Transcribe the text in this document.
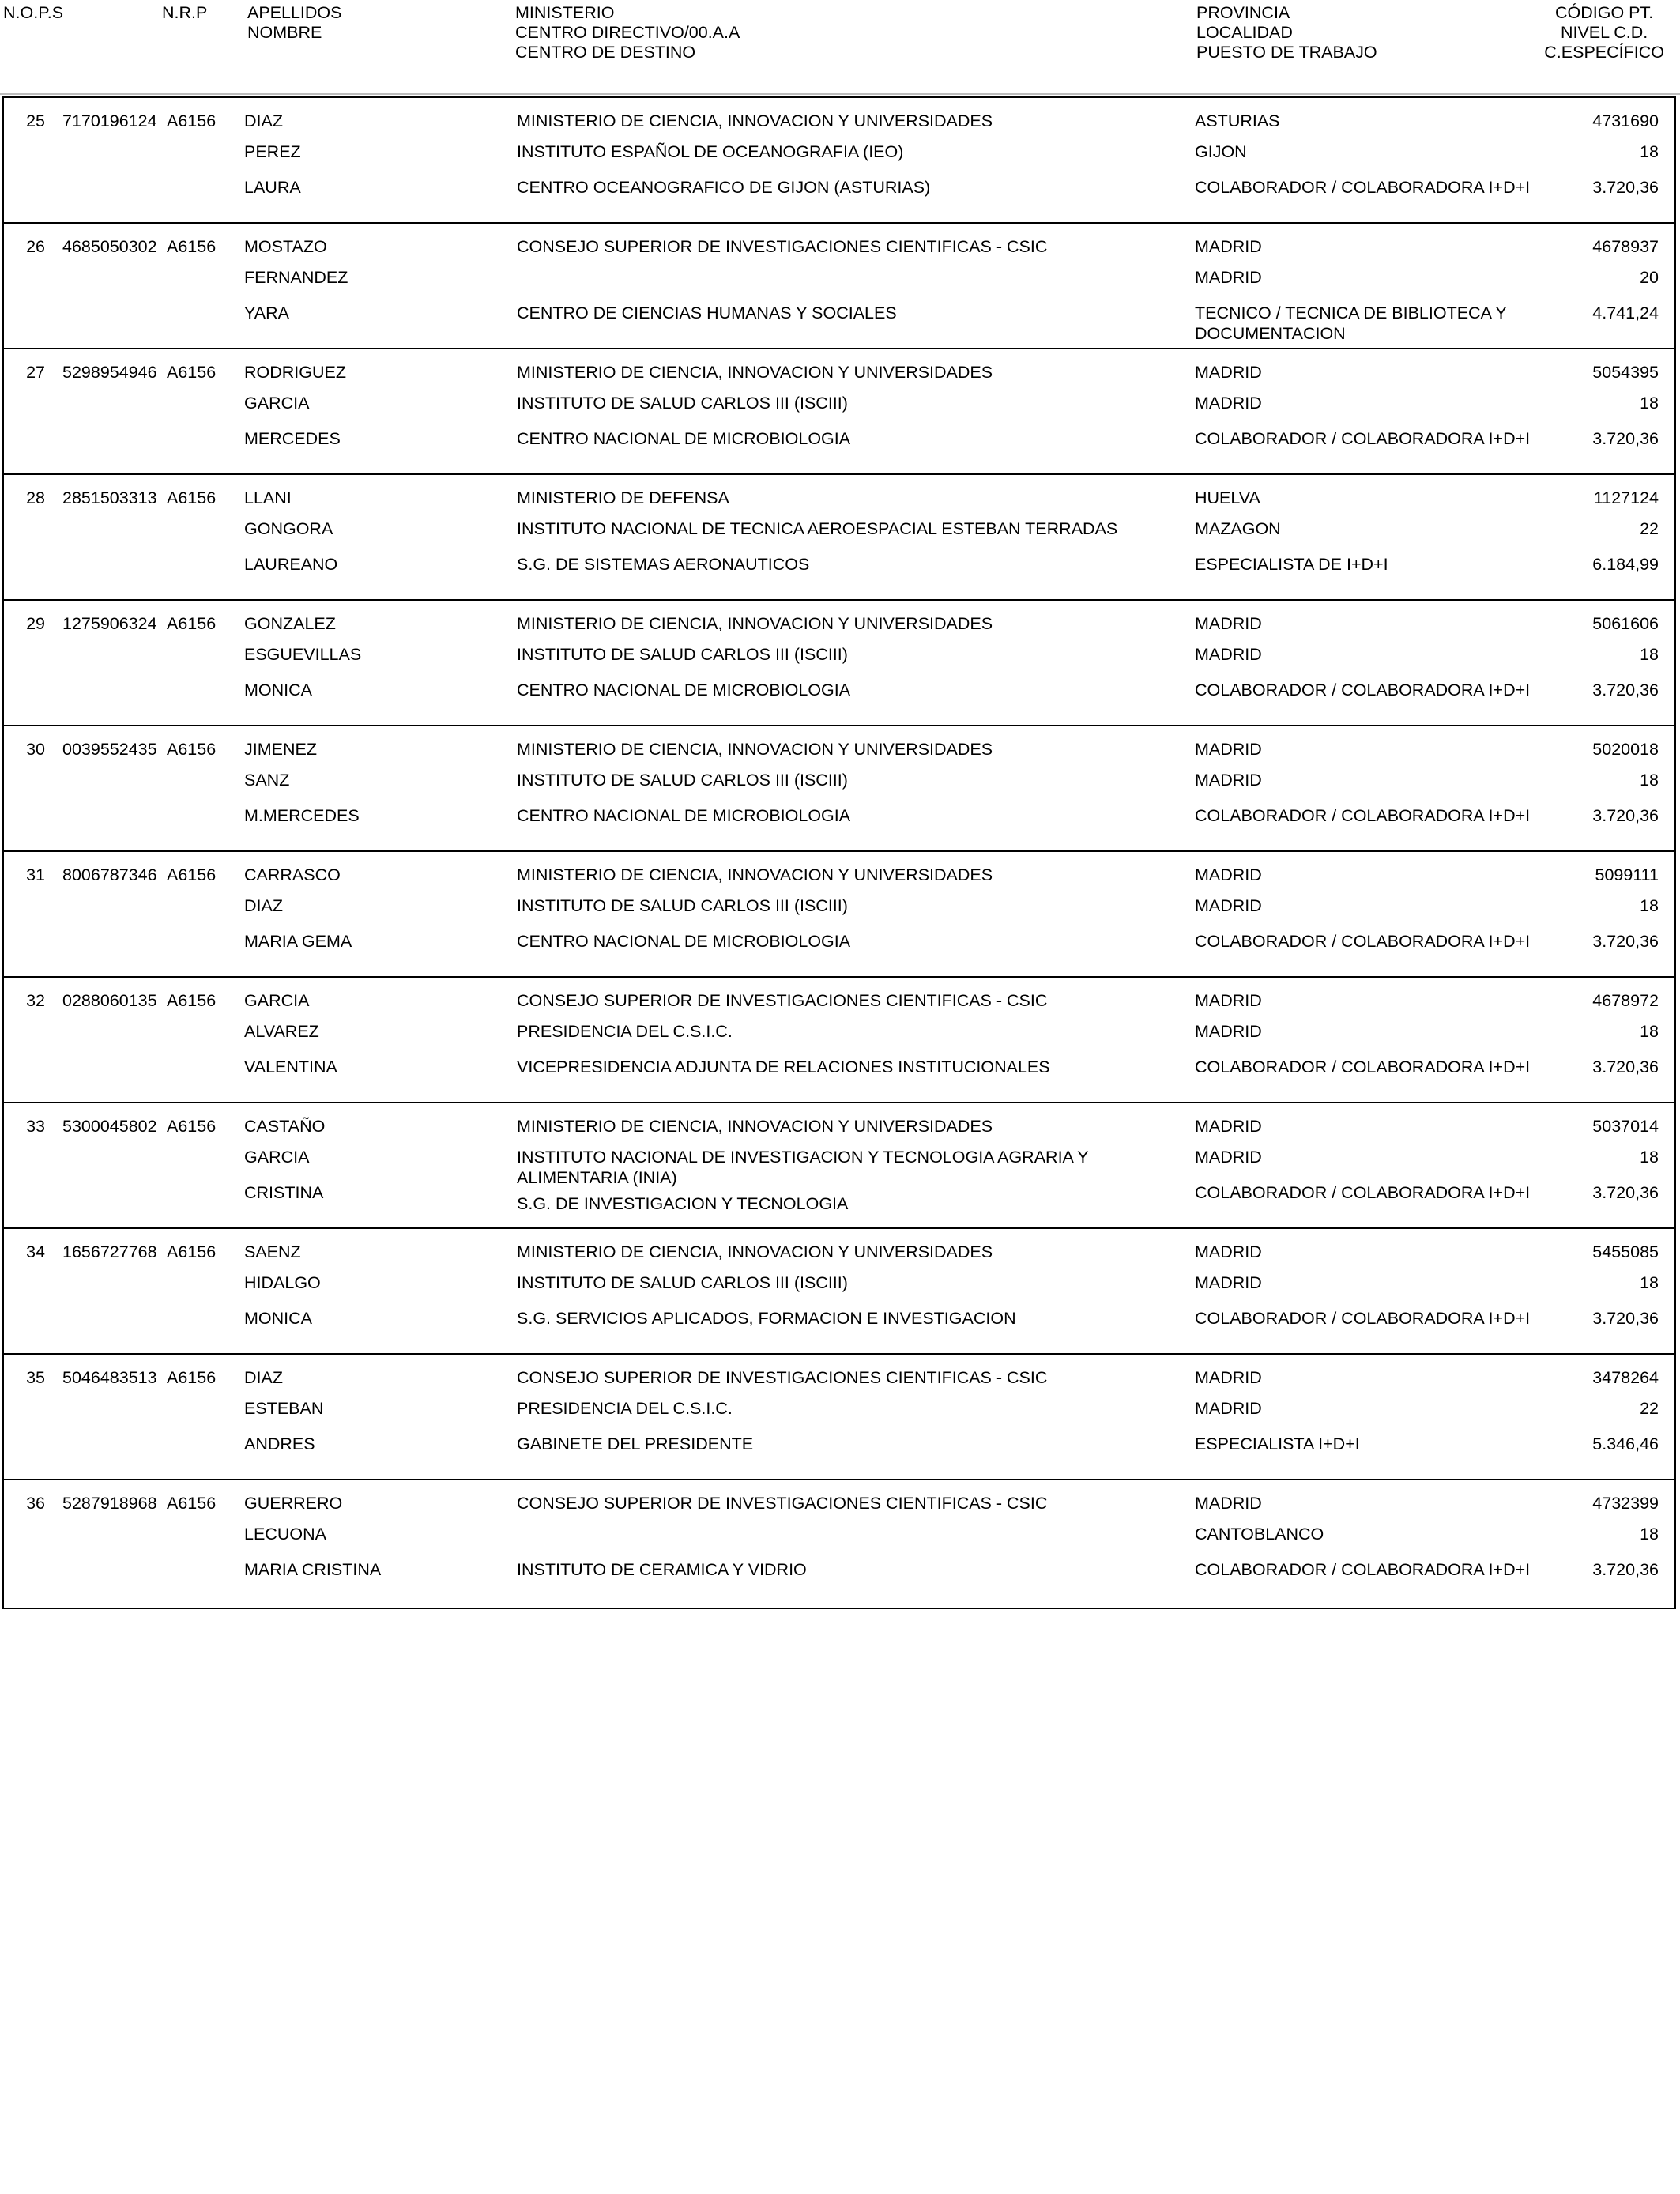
N.O.P.S	N.R.P APELLIDOS
NOMBRE
MINISTERIO
CENTRO DIRECTIVO/00.A.A
CENTRO DE DESTINO
PROVINCIA
LOCALIDAD
PUESTO DE TRABAJO
CÓDIGO PT.
NIVEL C.D.
C.ESPECÍFICO
25 7170196124 A6156 DIAZ
PEREZ
LAURA
MINISTERIO DE CIENCIA, INNOVACION Y UNIVERSIDADES
INSTITUTO ESPAÑOL DE OCEANOGRAFIA (IEO)
CENTRO OCEANOGRAFICO DE GIJON (ASTURIAS)
ASTURIAS
GIJON
COLABORADOR / COLABORADORA I+D+I
4731690
18
3.720,36
26 4685050302 A6156 MOSTAZO
FERNANDEZ
YARA
CONSEJO SUPERIOR DE INVESTIGACIONES CIENTIFICAS - CSIC
CENTRO DE CIENCIAS HUMANAS Y SOCIALES
MADRID
MADRID
TECNICO / TECNICA DE BIBLIOTECA Y DOCUMENTACION
4678937
20
4.741,24
27 5298954946 A6156 RODRIGUEZ
GARCIA
MERCEDES
MINISTERIO DE CIENCIA, INNOVACION Y UNIVERSIDADES
INSTITUTO DE SALUD CARLOS III (ISCIII)
CENTRO NACIONAL DE MICROBIOLOGIA
MADRID
MADRID
COLABORADOR / COLABORADORA I+D+I
5054395
18
3.720,36
28 2851503313 A6156 LLANI
GONGORA
LAUREANO
MINISTERIO DE DEFENSA
INSTITUTO NACIONAL DE TECNICA AEROESPACIAL ESTEBAN TERRADAS
S.G. DE SISTEMAS AERONAUTICOS
HUELVA
MAZAGON
ESPECIALISTA DE I+D+I
1127124
22
6.184,99
29 1275906324 A6156 GONZALEZ
ESGUEVILLAS
MONICA
MINISTERIO DE CIENCIA, INNOVACION Y UNIVERSIDADES
INSTITUTO DE SALUD CARLOS III (ISCIII)
CENTRO NACIONAL DE MICROBIOLOGIA
MADRID
MADRID
COLABORADOR / COLABORADORA I+D+I
5061606
18
3.720,36
30 0039552435 A6156 JIMENEZ
SANZ
M.MERCEDES
MINISTERIO DE CIENCIA, INNOVACION Y UNIVERSIDADES
INSTITUTO DE SALUD CARLOS III (ISCIII)
CENTRO NACIONAL DE MICROBIOLOGIA
MADRID
MADRID
COLABORADOR / COLABORADORA I+D+I
5020018
18
3.720,36
31 8006787346 A6156 CARRASCO
DIAZ
MARIA GEMA
MINISTERIO DE CIENCIA, INNOVACION Y UNIVERSIDADES
INSTITUTO DE SALUD CARLOS III (ISCIII)
CENTRO NACIONAL DE MICROBIOLOGIA
MADRID
MADRID
COLABORADOR / COLABORADORA I+D+I
5099111
18
3.720,36
32 0288060135 A6156 GARCIA
ALVAREZ
VALENTINA
CONSEJO SUPERIOR DE INVESTIGACIONES CIENTIFICAS - CSIC
PRESIDENCIA DEL C.S.I.C.
VICEPRESIDENCIA ADJUNTA DE RELACIONES INSTITUCIONALES
MADRID
MADRID
COLABORADOR / COLABORADORA I+D+I
4678972
18
3.720,36
33 5300045802 A6156 CASTAÑO
GARCIA
CRISTINA
MINISTERIO DE CIENCIA, INNOVACION Y UNIVERSIDADES
INSTITUTO NACIONAL DE INVESTIGACION Y TECNOLOGIA AGRARIA Y ALIMENTARIA (INIA)
S.G. DE INVESTIGACION Y TECNOLOGIA
MADRID
MADRID
COLABORADOR / COLABORADORA I+D+I
5037014
18
3.720,36
34 1656727768 A6156 SAENZ
HIDALGO
MONICA
MINISTERIO DE CIENCIA, INNOVACION Y UNIVERSIDADES
INSTITUTO DE SALUD CARLOS III (ISCIII)
S.G. SERVICIOS APLICADOS, FORMACION E INVESTIGACION
MADRID
MADRID
COLABORADOR / COLABORADORA I+D+I
5455085
18
3.720,36
35 5046483513 A6156 DIAZ
ESTEBAN
ANDRES
CONSEJO SUPERIOR DE INVESTIGACIONES CIENTIFICAS - CSIC
PRESIDENCIA DEL C.S.I.C.
GABINETE DEL PRESIDENTE
MADRID
MADRID
ESPECIALISTA I+D+I
3478264
22
5.346,46
36 5287918968 A6156 GUERRERO
LECUONA
MARIA CRISTINA
CONSEJO SUPERIOR DE INVESTIGACIONES CIENTIFICAS - CSIC
INSTITUTO DE CERAMICA Y VIDRIO
MADRID
CANTOBLANCO
COLABORADOR / COLABORADORA I+D+I
4732399
18
3.720,36
